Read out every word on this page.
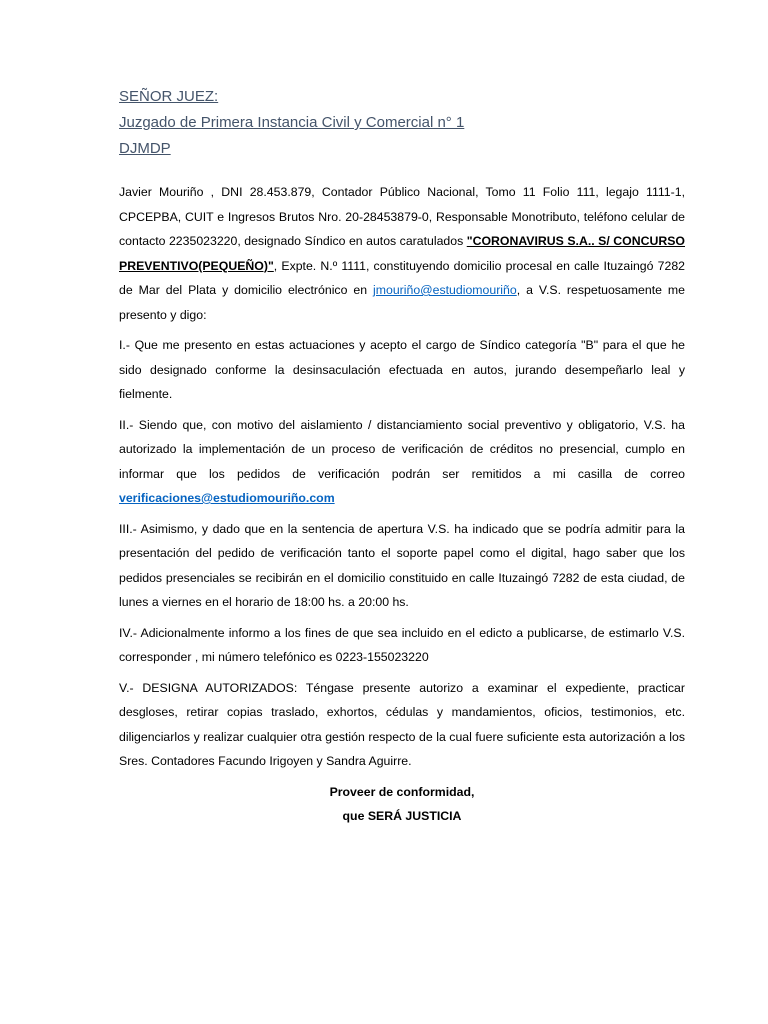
SEÑOR JUEZ:
Juzgado de Primera Instancia Civil y Comercial n° 1
DJMDP

Javier Mouriño , DNI 28.453.879, Contador Público Nacional, Tomo 11 Folio 111, legajo 1111-1, CPCEPBA, CUIT e Ingresos Brutos Nro. 20-28453879-0, Responsable Monotributo, teléfono celular de contacto 2235023220, designado Síndico en autos caratulados "CORONAVIRUS S.A.. S/ CONCURSO PREVENTIVO(PEQUEÑO)", Expte. N.º 1111, constituyendo domicilio procesal en calle Ituzaingó 7282 de Mar del Plata y domicilio electrónico en jmouriño@estudiomouriño, a V.S. respetuosamente me presento y digo:

I.- Que me presento en estas actuaciones y acepto el cargo de Síndico categoría "B" para el que he sido designado conforme la desinsaculación efectuada en autos, jurando desempeñarlo leal y fielmente.

II.- Siendo que, con motivo del aislamiento / distanciamiento social preventivo y obligatorio, V.S. ha autorizado la implementación de un proceso de verificación de créditos no presencial, cumplo en informar que los pedidos de verificación podrán ser remitidos a mi casilla de correo verificaciones@estudiomouriño.com

III.- Asimismo, y dado que en la sentencia de apertura V.S. ha indicado que se podría admitir para la presentación del pedido de verificación tanto el soporte papel como el digital, hago saber que los pedidos presenciales se recibirán en el domicilio constituido en calle Ituzaingó 7282 de esta ciudad, de lunes a viernes en el horario de 18:00 hs. a 20:00 hs.

IV.- Adicionalmente informo a los fines de que sea incluido en el edicto a publicarse, de estimarlo V.S. corresponder , mi número telefónico es 0223-155023220

V.- DESIGNA AUTORIZADOS: Téngase presente autorizo a examinar el expediente, practicar desgloses, retirar copias traslado, exhortos, cédulas y mandamientos, oficios, testimonios, etc. diligenciarlos y realizar cualquier otra gestión respecto de la cual fuere suficiente esta autorización a los Sres. Contadores Facundo Irigoyen y Sandra Aguirre.

Proveer de conformidad,
que SERÁ JUSTICIA
